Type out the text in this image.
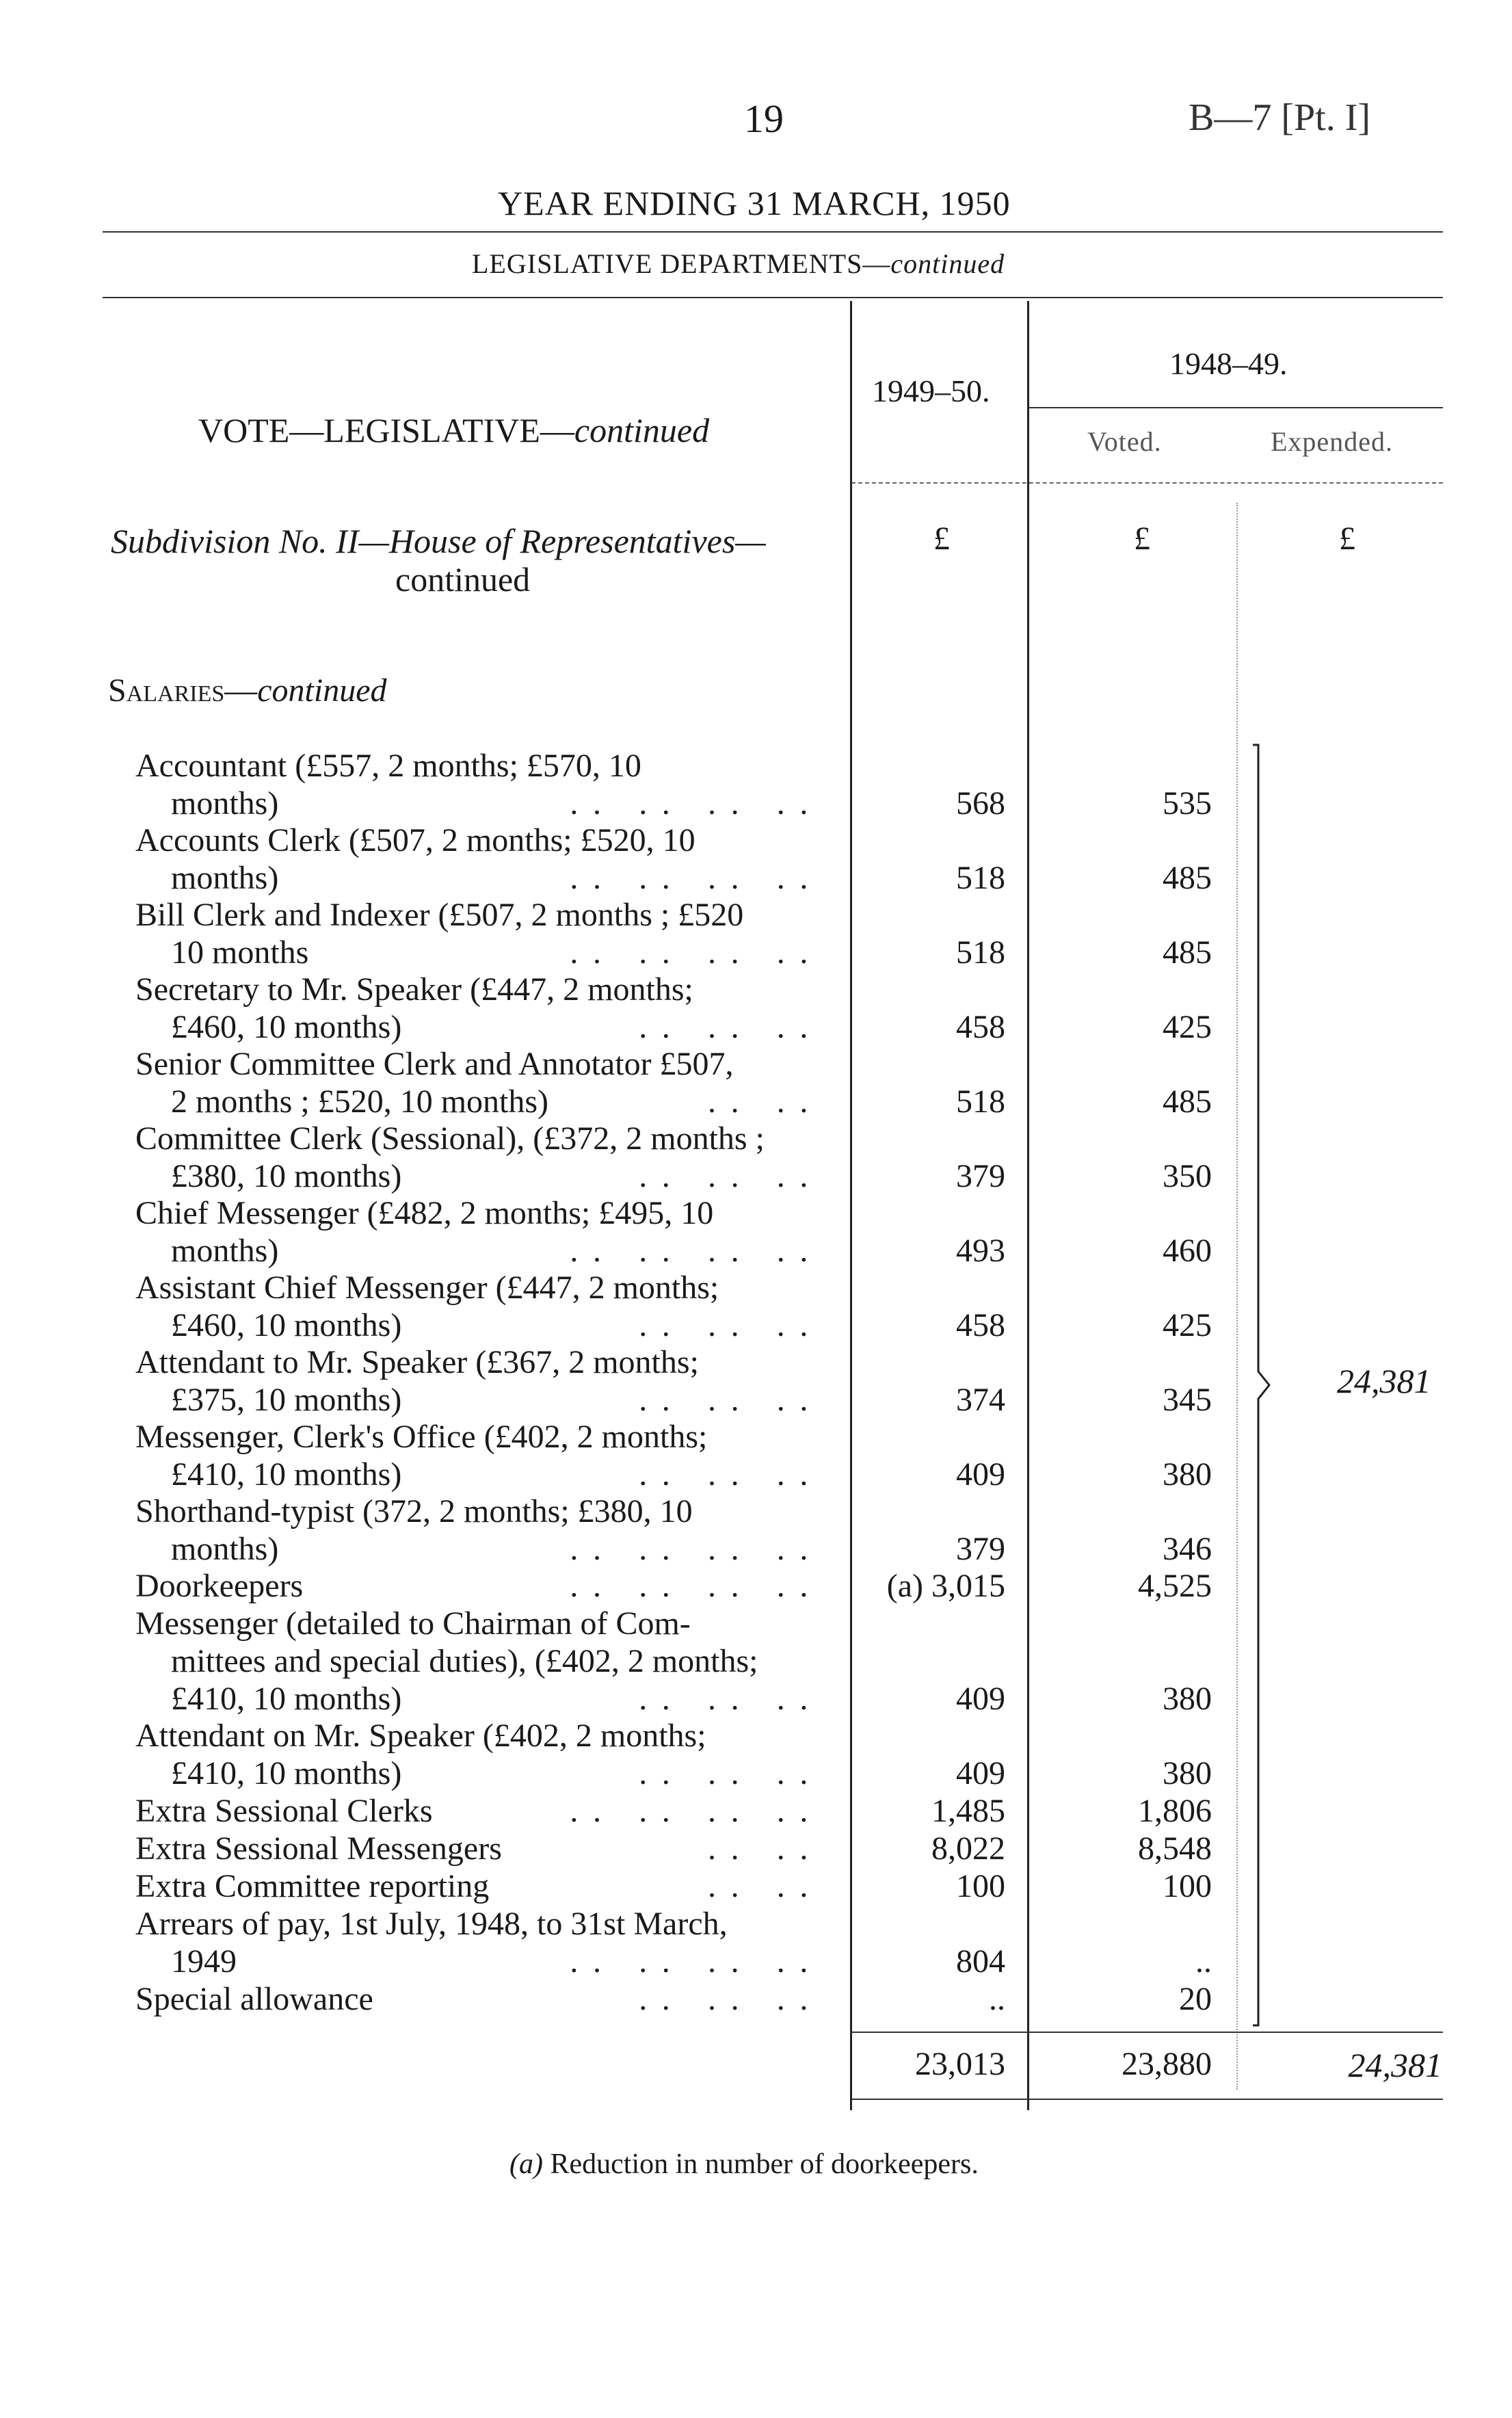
19	B—7 [Pt. I]
YEAR ENDING 31 MARCH, 1950
LEGISLATIVE DEPARTMENTS—continued
VOTE—LEGISLATIVE—continued
1949–50.
1948–49.
Voted.	Expended.
£	£	£
Subdivision No. II—House of Representatives—
continued
Salaries—continued
Accountant (£557, 2 months; £570, 10
months)	.. .. .. ..	568	535
Accounts Clerk (£507, 2 months; £520, 10
months)	.. .. .. ..	518	485
Bill Clerk and Indexer (£507, 2 months ; £520
10 months	.. .. .. ..	518	485
Secretary to Mr. Speaker (£447, 2 months;
£460, 10 months)	.. .. ..	458	425
Senior Committee Clerk and Annotator £507,
2 months ; £520, 10 months)	.. ..	518	485
Committee Clerk (Sessional), (£372, 2 months ;
£380, 10 months)	.. .. ..	379	350
Chief Messenger (£482, 2 months; £495, 10
months)	.. .. .. ..	493	460
Assistant Chief Messenger (£447, 2 months;
£460, 10 months)	.. .. ..	458	425
Attendant to Mr. Speaker (£367, 2 months;
£375, 10 months)	.. .. ..	374	345
Messenger, Clerk's Office (£402, 2 months;
£410, 10 months)	.. .. ..	409	380
Shorthand-typist (372, 2 months; £380, 10
months)	.. .. .. ..	379	346
Doorkeepers	.. .. .. .. (a) 3,015	4,525
Messenger (detailed to Chairman of Com-
mittees and special duties), (£402, 2 months;
£410, 10 months)	.. .. ..	409	380
Attendant on Mr. Speaker (£402, 2 months;
£410, 10 months)	.. .. ..	409	380
Extra Sessional Clerks	.. .. .. ..	1,485	1,806
Extra Sessional Messengers	.. ..	8,022	8,548
Extra Committee reporting	.. ..	100	100
Arrears of pay, 1st July, 1948, to 31st March,
1949	.. .. .. ..	804	..
Special allowance	.. .. ..	..	20
24,381
23,013	23,880	24,381
(a) Reduction in number of doorkeepers.
